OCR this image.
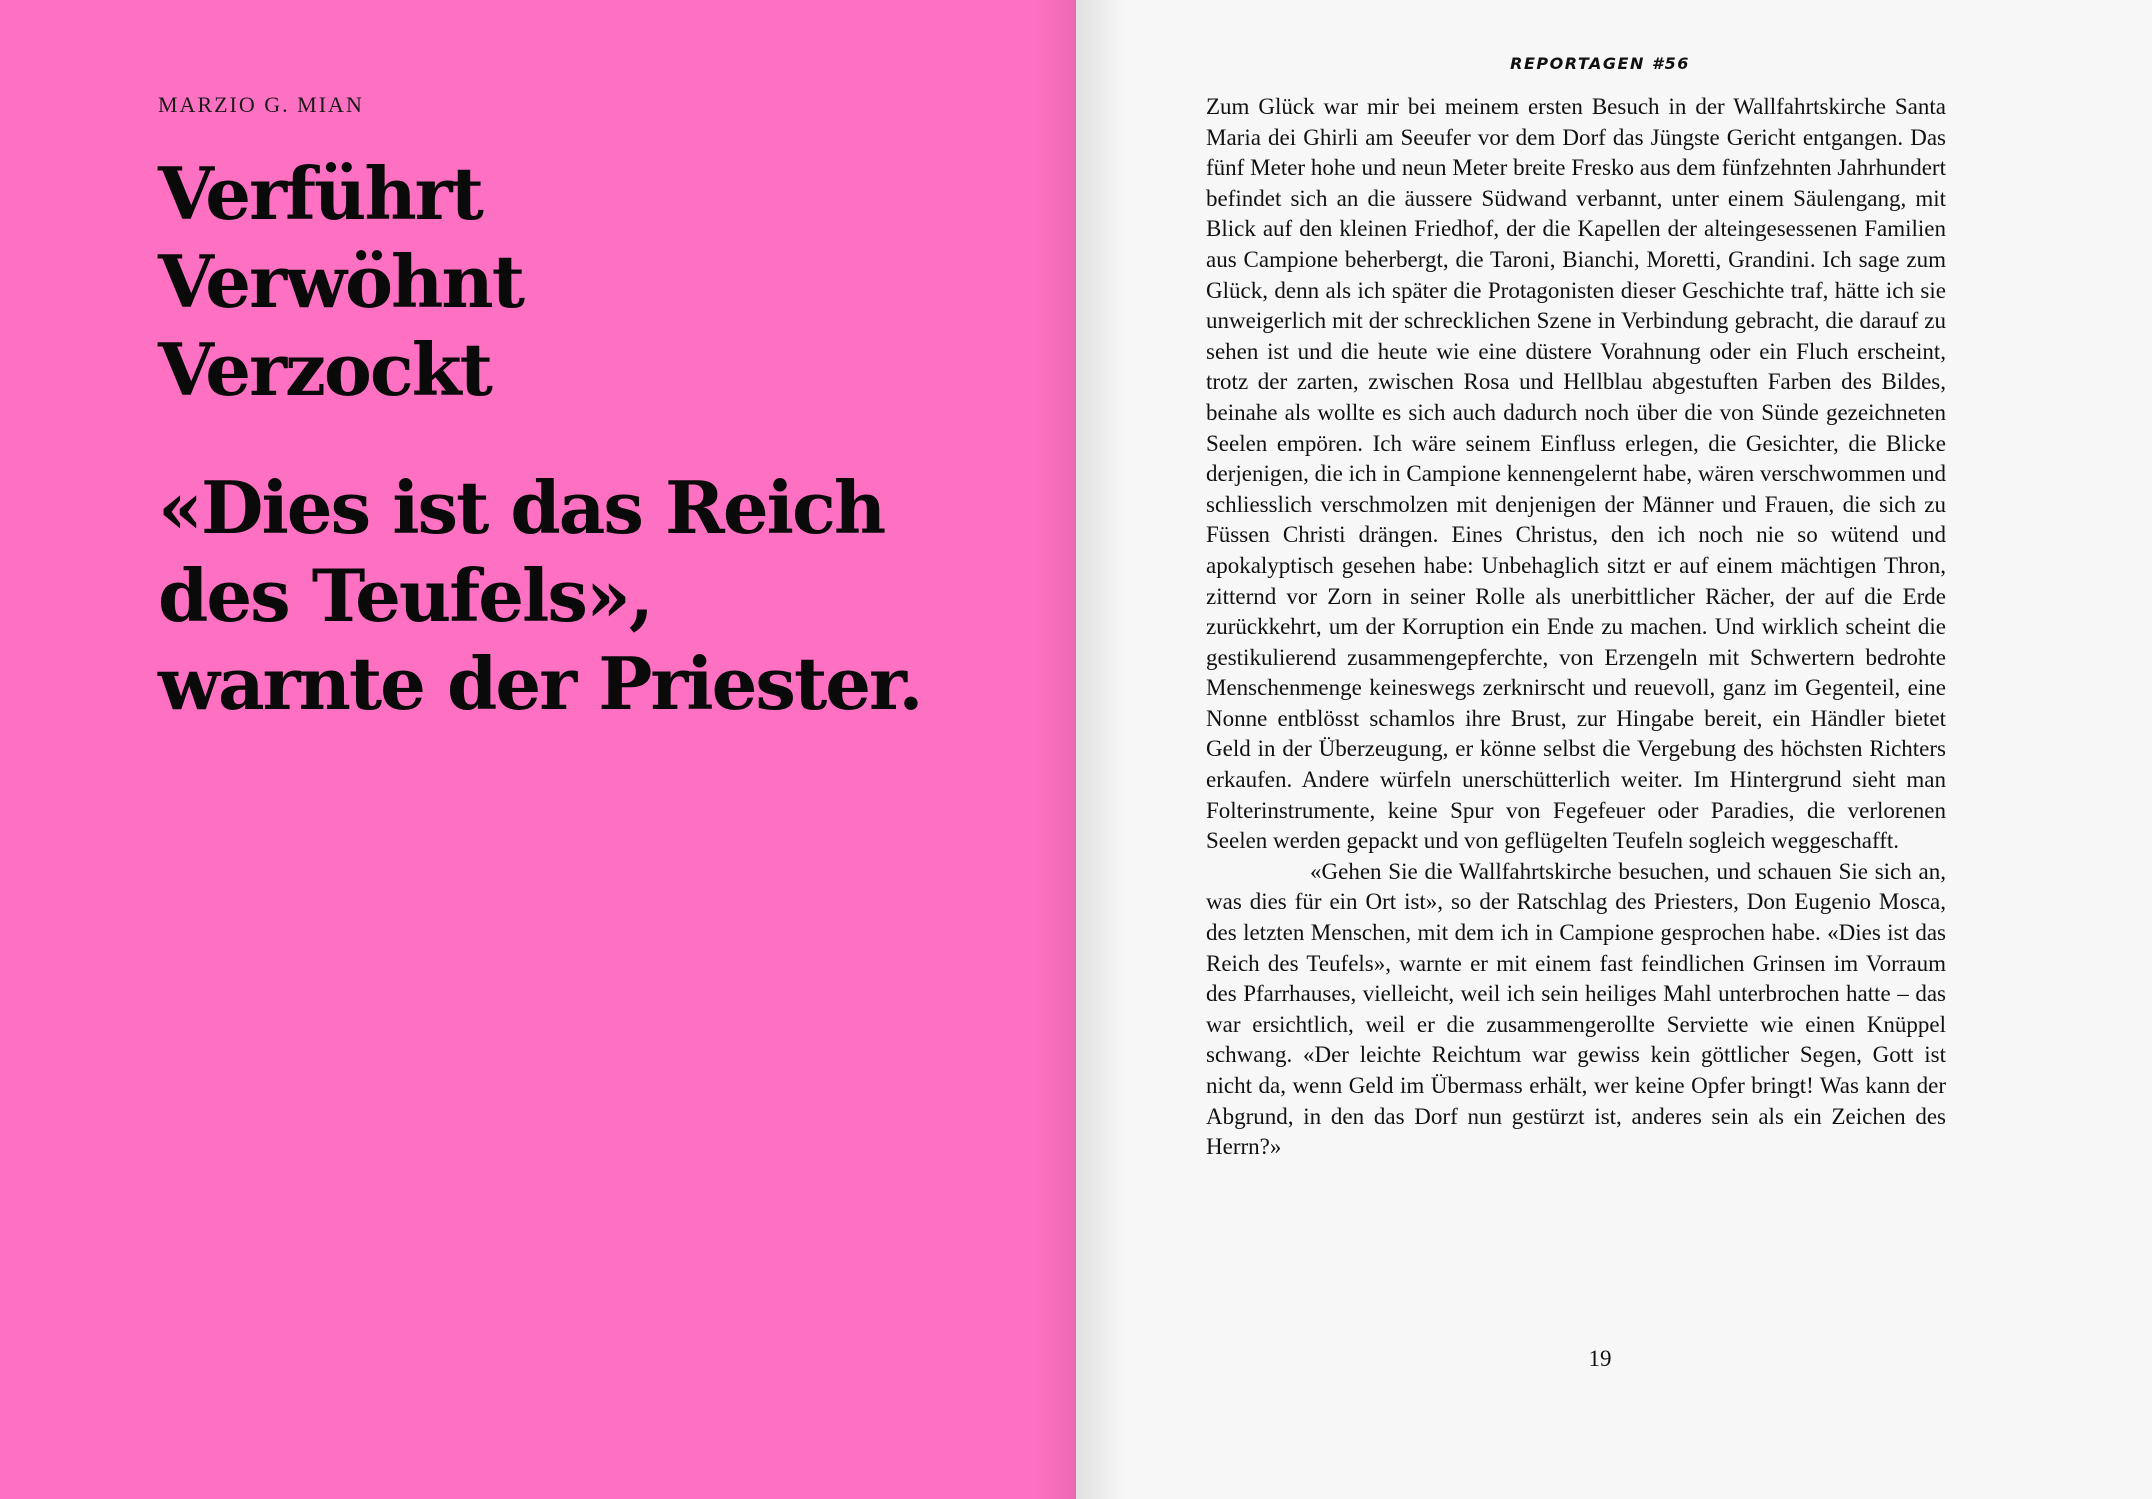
MARZIO G. MIAN
Verführt
Verwöhnt
Verzockt
«Dies ist das Reich
des Teufels»,
warnte der Priester.
REPORTAGEN #56

Zum Glück war mir bei meinem ersten Besuch in der Wallfahrtskirche Santa Maria dei Ghirli am Seeufer vor dem Dorf das Jüngste Gericht entgangen. Das fünf Meter hohe und neun Meter breite Fresko aus dem fünfzehnten Jahrhundert befindet sich an die äussere Südwand verbannt, unter einem Säulengang, mit Blick auf den kleinen Friedhof, der die Kapellen der alteingesessenen Familien aus Campione beherbergt, die Taroni, Bianchi, Moretti, Grandini. Ich sage zum Glück, denn als ich später die Protagonisten dieser Geschichte traf, hätte ich sie unweigerlich mit der schrecklichen Szene in Verbindung gebracht, die darauf zu sehen ist und die heute wie eine düstere Vorahnung oder ein Fluch erscheint, trotz der zarten, zwischen Rosa und Hellblau abgestuften Farben des Bildes, beinahe als wollte es sich auch dadurch noch über die von Sünde gezeichneten Seelen empören. Ich wäre seinem Einfluss erlegen, die Gesichter, die Blicke derjenigen, die ich in Campione kennengelernt habe, wären verschwommen und schliesslich verschmolzen mit denjenigen der Männer und Frauen, die sich zu Füssen Christi drängen. Eines Christus, den ich noch nie so wütend und apokalyptisch gesehen habe: Unbehaglich sitzt er auf einem mächtigen Thron, zitternd vor Zorn in seiner Rolle als unerbittlicher Rächer, der auf die Erde zurückkehrt, um der Korruption ein Ende zu machen. Und wirklich scheint die gestikulierend zusammengepferchte, von Erzengeln mit Schwertern bedrohte Menschenmenge keineswegs zerknirscht und reuevoll, ganz im Gegenteil, eine Nonne entblösst schamlos ihre Brust, zur Hingabe bereit, ein Händler bietet Geld in der Überzeugung, er könne selbst die Vergebung des höchsten Richters erkaufen. Andere würfeln unerschütterlich weiter. Im Hintergrund sieht man Folterinstrumente, keine Spur von Fegefeuer oder Paradies, die verlorenen Seelen werden gepackt und von geflügelten Teufeln sogleich weggeschafft.

«Gehen Sie die Wallfahrtskirche besuchen, und schauen Sie sich an, was dies für ein Ort ist», so der Ratschlag des Priesters, Don Eugenio Mosca, des letzten Menschen, mit dem ich in Campione gesprochen habe. «Dies ist das Reich des Teufels», warnte er mit einem fast feindlichen Grinsen im Vorraum des Pfarrhauses, vielleicht, weil ich sein heiliges Mahl unterbrochen hatte – das war ersichtlich, weil er die zusammengerollte Serviette wie einen Knüppel schwang. «Der leichte Reichtum war gewiss kein göttlicher Segen, Gott ist nicht da, wenn Geld im Übermass erhält, wer keine Opfer bringt! Was kann der Abgrund, in den das Dorf nun gestürzt ist, anderes sein als ein Zeichen des Herrn?»

19
